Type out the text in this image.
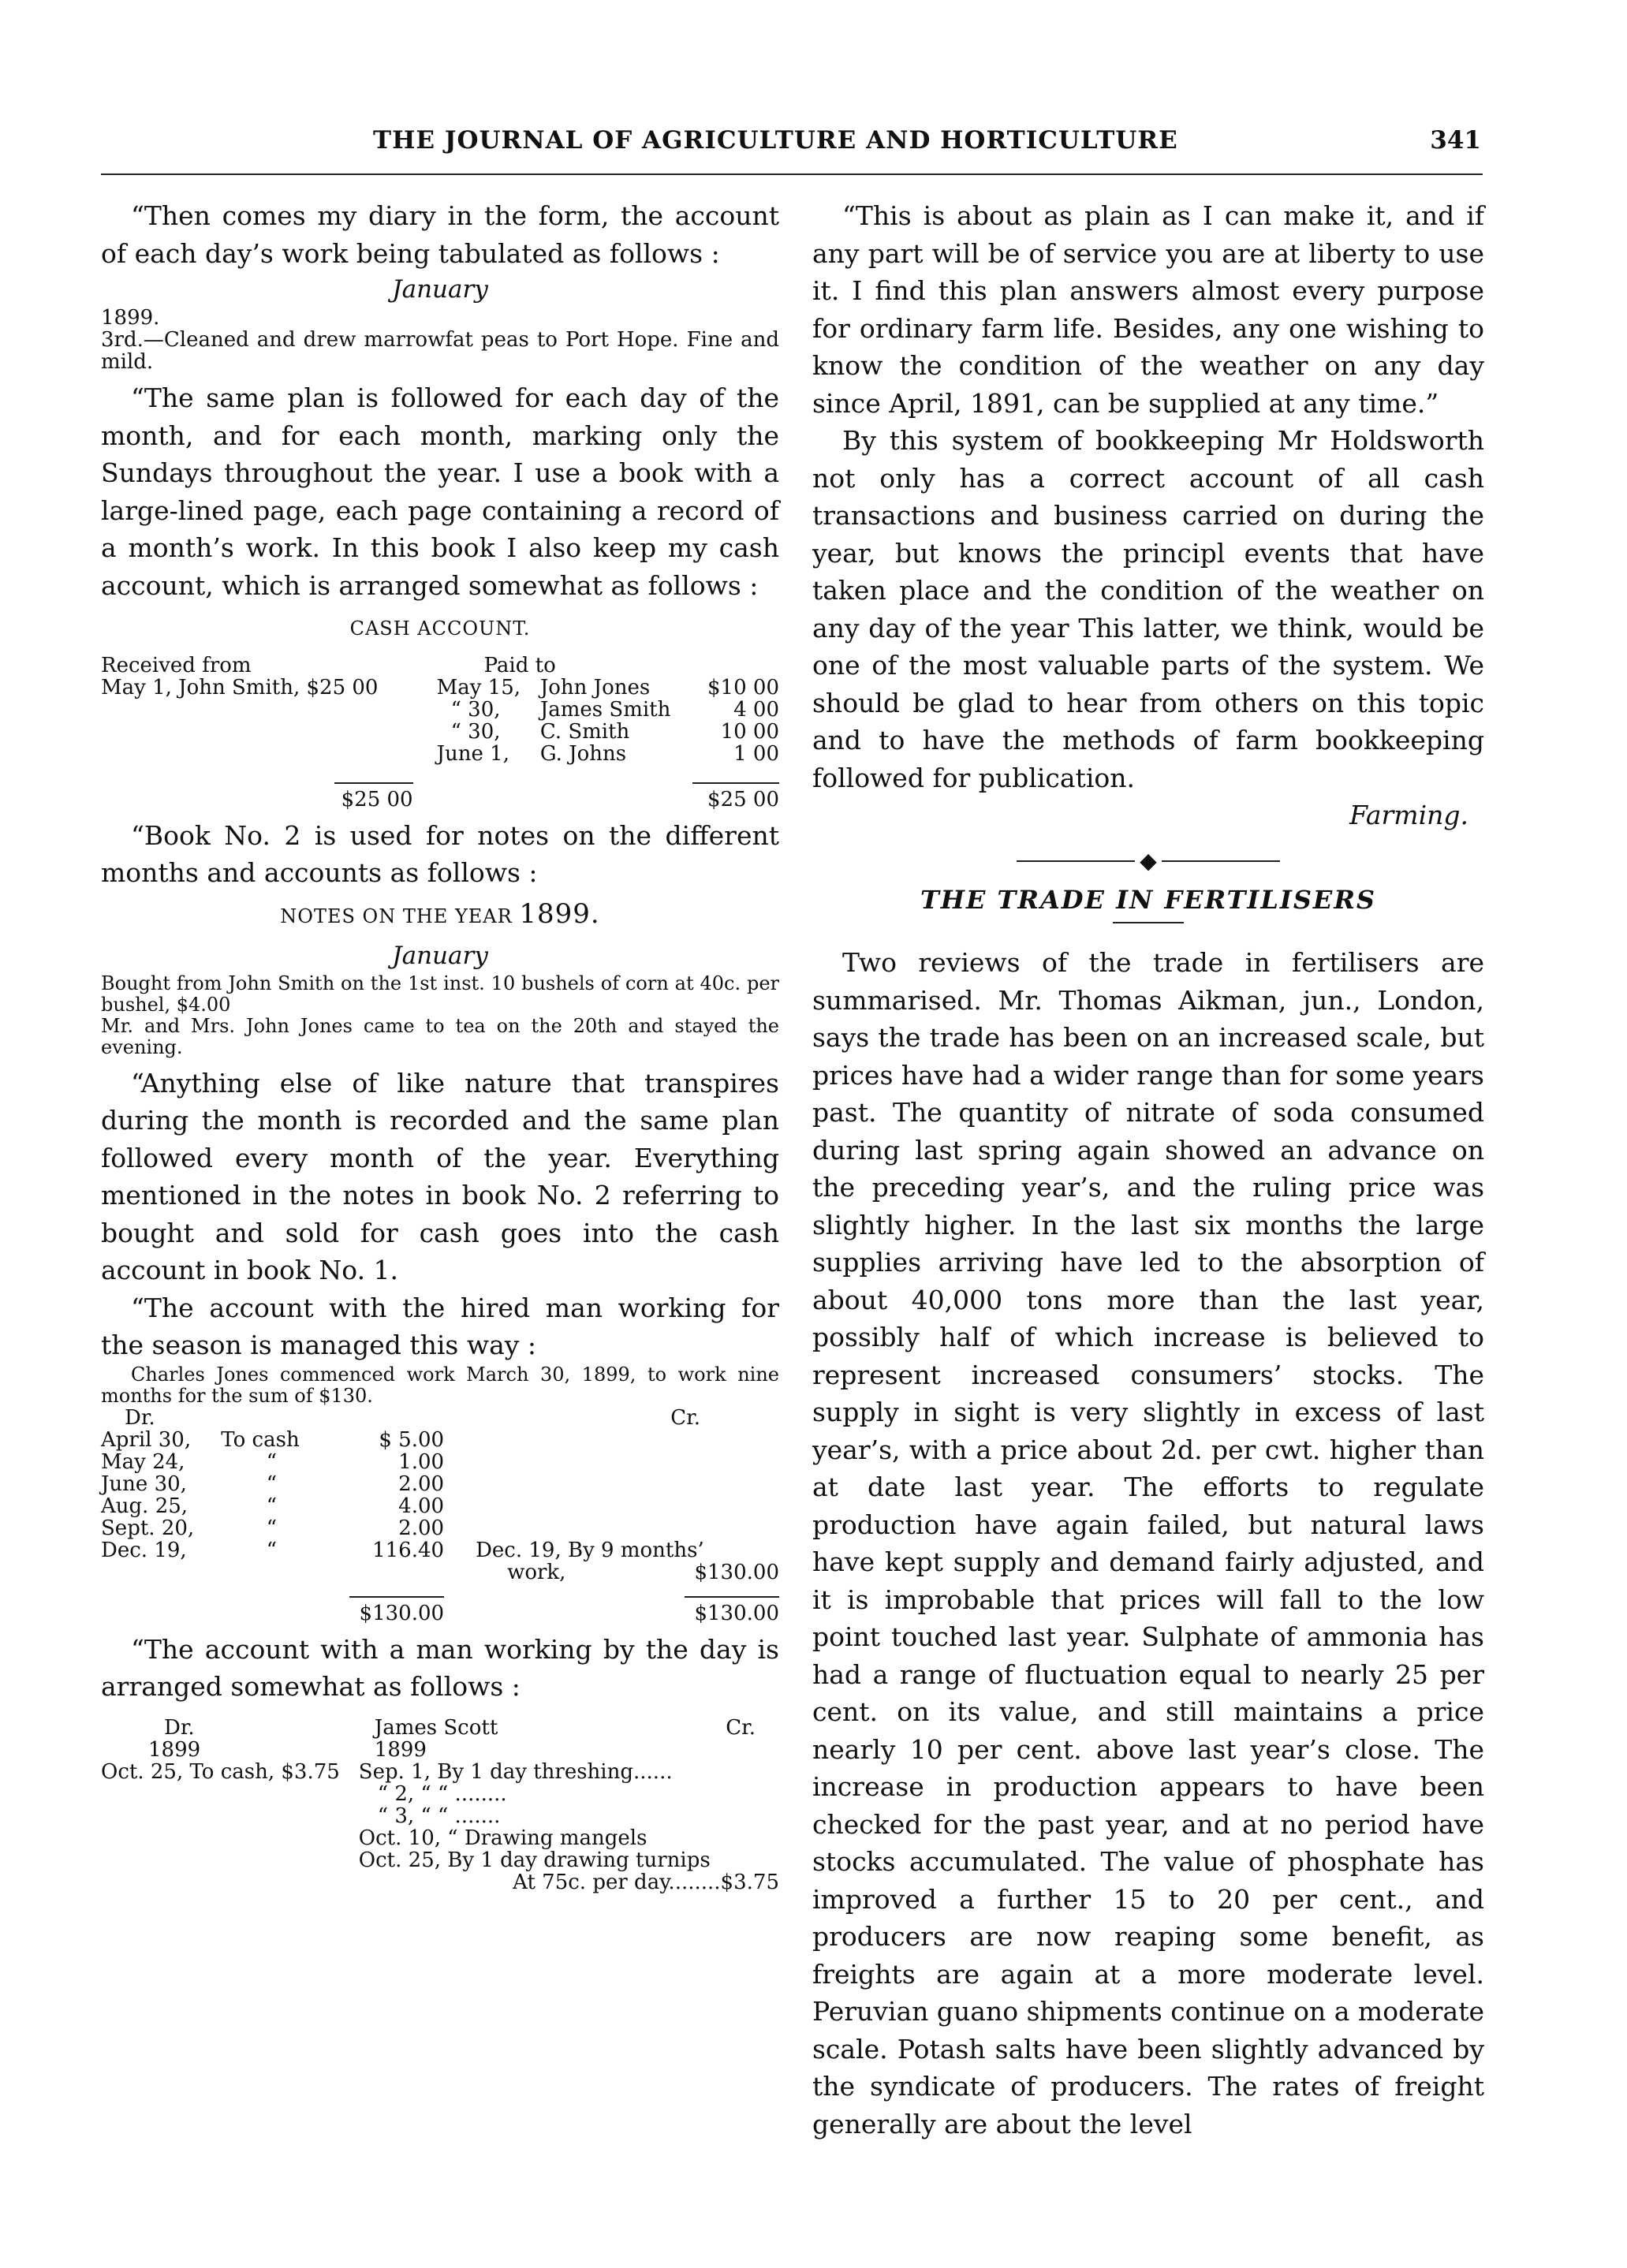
THE JOURNAL OF AGRICULTURE AND HORTICULTURE	341

“Then comes my diary in the form, the account of each day’s work being tabulated as follows :

January
1899.

3rd.—Cleaned and drew marrowfat peas to Port Hope. Fine and mild.

“The same plan is followed for each day of the month, and for each month, marking only the Sundays throughout the year. I use a book with a large-lined page, each page containing a record of a month’s work. In this book I also keep my cash account, which is arranged somewhat as follows :

CASH ACCOUNT.
Received from	Paid to		
May 1, John Smith, $25 00	May 15,	John Jones	$10 00
	“ 30,	James Smith	4 00
	“ 30,	C. Smith	10 00
	June 1,	G. Johns	1 00

$25 00	$25 00		

“Book No. 2 is used for notes on the different months and accounts as follows :

NOTES ON THE YEAR 1899.
January

Bought from John Smith on the 1st inst. 10 bushels of corn at 40c. per bushel, $4.00

Mr. and Mrs. John Jones came to tea on the 20th and stayed the evening.

“Anything else of like nature that transpires during the month is recorded and the same plan followed every month of the year. Everything mentioned in the notes in book No. 2 referring to bought and sold for cash goes into the cash account in book No. 1.

“The account with the hired man working for the season is managed this way :

Charles Jones commenced work March 30, 1899, to work nine months for the sum of $130.

Dr.			Cr.	
April 30,	To cash	$ 5.00		
May 24,	“	1.00		
June 30,	“	2.00		
Aug. 25,	“	4.00		
Sept. 20,	“	2.00		
Dec. 19,	“	116.40	Dec. 19, By 9 months’	
			work,	$130.00

		$130.00		$130.00

“The account with a man working by the day is arranged somewhat as follows :

Dr.	James Scott	Cr.
1899	1899	
Oct. 25, To cash, $3.75	Sep. 1, By 1 day threshing......	
	“ 2, “ “ ........	
	“ 3, “ “ .......	
	Oct. 10, “ Drawing mangels	
	Oct. 25, By 1 day drawing turnips	
	At 75c. per day........$3.75	

“This is about as plain as I can make it, and if any part will be of service you are at liberty to use it. I find this plan answers almost every purpose for ordinary farm life. Besides, any one wishing to know the condition of the weather on any day since April, 1891, can be supplied at any time.”

By this system of bookkeeping Mr Holdsworth not only has a correct account of all cash transactions and business carried on during the year, but knows the principl events that have taken place and the condition of the weather on any day of the year This latter, we think, would be one of the most valuable parts of the system. We should be glad to hear from others on this topic and to have the methods of farm bookkeeping followed for publication.

Farming.
◆
THE TRADE IN FERTILISERS

Two reviews of the trade in fertilisers are summarised. Mr. Thomas Aikman, jun., London, says the trade has been on an increased scale, but prices have had a wider range than for some years past. The quantity of nitrate of soda consumed during last spring again showed an advance on the preceding year’s, and the ruling price was slightly higher. In the last six months the large supplies arriving have led to the absorption of about 40,000 tons more than the last year, possibly half of which increase is believed to represent increased consumers’ stocks. The supply in sight is very slightly in excess of last year’s, with a price about 2d. per cwt. higher than at date last year. The efforts to regulate production have again failed, but natural laws have kept supply and demand fairly adjusted, and it is improbable that prices will fall to the low point touched last year. Sulphate of ammonia has had a range of fluctuation equal to nearly 25 per cent. on its value, and still maintains a price nearly 10 per cent. above last year’s close. The increase in production appears to have been checked for the past year, and at no period have stocks accumulated. The value of phosphate has improved a further 15 to 20 per cent., and producers are now reaping some benefit, as freights are again at a more moderate level. Peruvian guano shipments continue on a moderate scale. Potash salts have been slightly advanced by the syndicate of producers. The rates of freight generally are about the level
